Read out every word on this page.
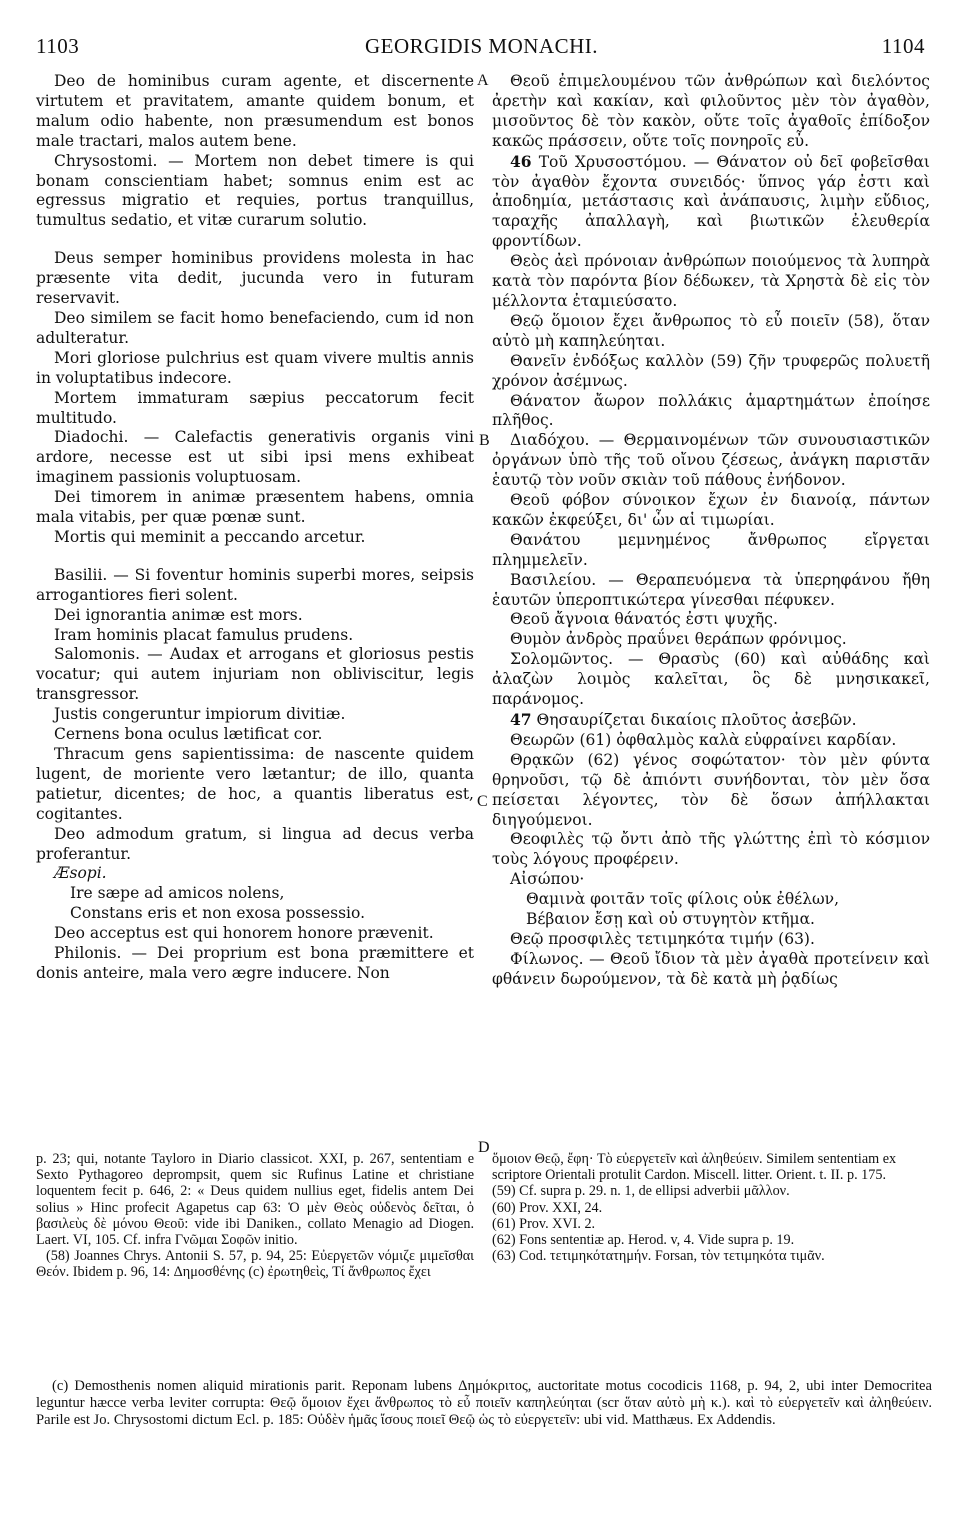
1103	GEORGIDIS MONACHI.	1104
A
B
C
D

Deo de hominibus curam agente, et discernente virtutem et pravitatem, amante quidem bonum, et malum odio habente, non præsumendum est bonos male tractari, malos autem bene.

Chrysostomi. — Mortem non debet timere is qui bonam conscientiam habet; somnus enim est ac egressus migratio et requies, portus tranquillus, tumultus sedatio, et vitæ curarum solutio.

Deus semper hominibus providens molesta in hac præsente vita dedit, jucunda vero in futuram reservavit.

Deo similem se facit homo benefaciendo, cum id non adulteratur.

Mori gloriose pulchrius est quam vivere multis annis in voluptatibus indecore.

Mortem immaturam sæpius peccatorum fecit multitudo.

Diadochi. — Calefactis generativis organis vini ardore, necesse est ut sibi ipsi mens exhibeat imaginem passionis voluptuosam.

Dei timorem in animæ præsentem habens, omnia mala vitabis, per quæ pœnæ sunt.

Mortis qui meminit a peccando arcetur.

Basilii. — Si foventur hominis superbi mores, seipsis arrogantiores fieri solent.

Dei ignorantia animæ est mors.

Iram hominis placat famulus prudens.

Salomonis. — Audax et arrogans et gloriosus pestis vocatur; qui autem injuriam non obliviscitur, legis transgressor.

Justis congeruntur impiorum divitiæ.

Cernens bona oculus lætificat cor.

Thracum gens sapientissima: de nascente quidem lugent, de moriente vero lætantur; de illo, quanta patietur, dicentes; de hoc, a quantis liberatus est, cogitantes.

Deo admodum gratum, si lingua ad decus verba proferantur.

Æsopi.

Ire sæpe ad amicos nolens,

Constans eris et non exosa possessio.

Deo acceptus est qui honorem honore prævenit.

Philonis. — Dei proprium est bona præmittere et donis anteire, mala vero ægre inducere. Non

Θεοῦ ἐπιμελουμένου τῶν ἀνθρώπων καὶ διελόντος ἀρετὴν καὶ κακίαν, καὶ φιλοῦντος μὲν τὸν ἀγαθὸν, μισοῦντος δὲ τὸν κακὸν, οὔτε τοῖς ἀγαθοῖς ἐπίδοξον κακῶς πράσσειν, οὔτε τοῖς πονηροῖς εὖ.

46 Τοῦ Χρυσοστόμου. — Θάνατον οὐ δεῖ φοβεῖσθαι τὸν ἀγαθὸν ἔχοντα συνειδός· ὕπνος γάρ ἐστι καὶ ἀποδημία, μετάστασις καὶ ἀνάπαυσις, λιμὴν εὔδιος, ταραχῆς ἀπαλλαγὴ, καὶ βιωτικῶν ἐλευθερία φροντίδων.

Θεὸς ἀεὶ πρόνοιαν ἀνθρώπων ποιούμενος τὰ λυπηρὰ κατὰ τὸν παρόντα βίον δέδωκεν, τὰ Χρηστὰ δὲ εἰς τὸν μέλλοντα ἐταμιεύσατο.

Θεῷ ὅμοιον ἔχει ἄνθρωπος τὸ εὖ ποιεῖν (58), ὅταν αὐτὸ μὴ καπηλεύηται.

Θανεῖν ἐνδόξως καλλὸν (59) ζῆν τρυφερῶς πολυετῆ χρόνον ἀσέμνως.

Θάνατον ἄωρον πολλάκις ἁμαρτημάτων ἐποίησε πλῆθος.

Διαδόχου. — Θερμαινομένων τῶν συνουσιαστικῶν ὀργάνων ὑπὸ τῆς τοῦ οἴνου ζέσεως, ἀνάγκη παριστᾶν ἑαυτῷ τὸν νοῦν σκιὰν τοῦ πάθους ἐνήδονον.

Θεοῦ φόβον σύνοικον ἔχων ἐν διανοίᾳ, πάντων κακῶν ἐκφεύξει, δι' ὧν αἱ τιμωρίαι.

Θανάτου μεμνημένος ἄνθρωπος εἴργεται πλημμελεῖν.

Βασιλείου. — Θεραπευόμενα τὰ ὑπερηφάνου ἤθη ἑαυτῶν ὑπεροπτικώτερα γίνεσθαι πέφυκεν.

Θεοῦ ἄγνοια θάνατός ἐστι ψυχῆς.

Θυμὸν ἀνδρὸς πραΰνει θεράπων φρόνιμος.

Σολομῶντος. — Θρασὺς (60) καὶ αὐθάδης καὶ ἀλαζὼν λοιμὸς καλεῖται, ὃς δὲ μνησικακεῖ, παράνομος.

47 Θησαυρίζεται δικαίοις πλοῦτος ἀσεβῶν.

Θεωρῶν (61) ὀφθαλμὸς καλὰ εὐφραίνει καρδίαν.

Θρᾳκῶν (62) γένος σοφώτατον· τὸν μὲν φύντα θρηνοῦσι, τῷ δὲ ἀπιόντι συνήδονται, τὸν μὲν ὅσα πείσεται λέγοντες, τὸν δὲ ὅσων ἀπήλλακται διηγούμενοι.

Θεοφιλὲς τῷ ὄντι ἀπὸ τῆς γλώττης ἐπὶ τὸ κόσμιον τοὺς λόγους προφέρειν.

Αἰσώπου·

Θαμινὰ φοιτᾶν τοῖς φίλοις οὐκ ἐθέλων,

Βέβαιον ἔσῃ καὶ οὐ στυγητὸν κτῆμα.

Θεῷ προσφιλὲς τετιμηκότα τιμήν (63).

Φίλωνος. — Θεοῦ ἴδιον τὰ μὲν ἀγαθὰ προτείνειν καὶ φθάνειν δωρούμενον, τὰ δὲ κατὰ μὴ ῥᾳδίως

p. 23; qui, notante Tayloro in Diario classicot. XXI, p. 267, sententiam e Sexto Pythagoreo deprompsit, quem sic Rufinus Latine et christiane loquentem fecit p. 646, 2: « Deus quidem nullius eget, fidelis antem Dei solius » Hinc profecit Agapetus cap 63: Ὁ μὲν Θεὸς οὐδενὸς δεῖται, ὁ βασιλεὺς δὲ μόνου Θεοῦ: vide ibi Daniken., collato Menagio ad Diogen. Laert. VI, 105. Cf. infra Γνῶμαι Σοφῶν initio.

(58) Joannes Chrys. Antonii S. 57, p. 94, 25: Εὐεργετῶν νόμιζε μιμεῖσθαι Θεόν. Ibidem p. 96, 14: Δημοσθένης (c) ἐρωτηθεὶς, Τί ἄνθρωπος ἔχει

ὅμοιον Θεῷ, ἔφη· Τὸ εὐεργετεῖν καὶ ἀληθεύειν. Similem sententiam ex scriptore Orientali protulit Cardon. Miscell. litter. Orient. t. II. p. 175.

(59) Cf. supra p. 29. n. 1, de ellipsi adverbii μᾶλλον.

(60) Prov. XXI, 24.

(61) Prov. XVI. 2.

(62) Fons sententiæ ap. Herod. v, 4. Vide supra p. 19.

(63) Cod. τετιμηκότατημήν. Forsan, τὸν τετιμηκότα τιμᾶν.

(c) Demosthenis nomen aliquid mirationis parit. Reponam lubens Δημόκριτος, auctoritate motus cocodicis 1168, p. 94, 2, ubi inter Democritea leguntur hæcce verba leviter corrupta: Θεῷ ὅμοιον ἔχει ἄνθρωπος τὸ εὖ ποιεῖν καπηλεύηται (scr ὅταν αὐτὸ μὴ κ.). καὶ τὸ εὐεργετεῖν καὶ ἀληθεύειν. Parile est Jo. Chrysostomi dictum Ecl. p. 185: Οὐδὲν ἡμᾶς ἴσους ποιεῖ Θεῷ ὡς τὸ εὐεργετεῖν: ubi vid. Matthæus. Ex Addendis.
